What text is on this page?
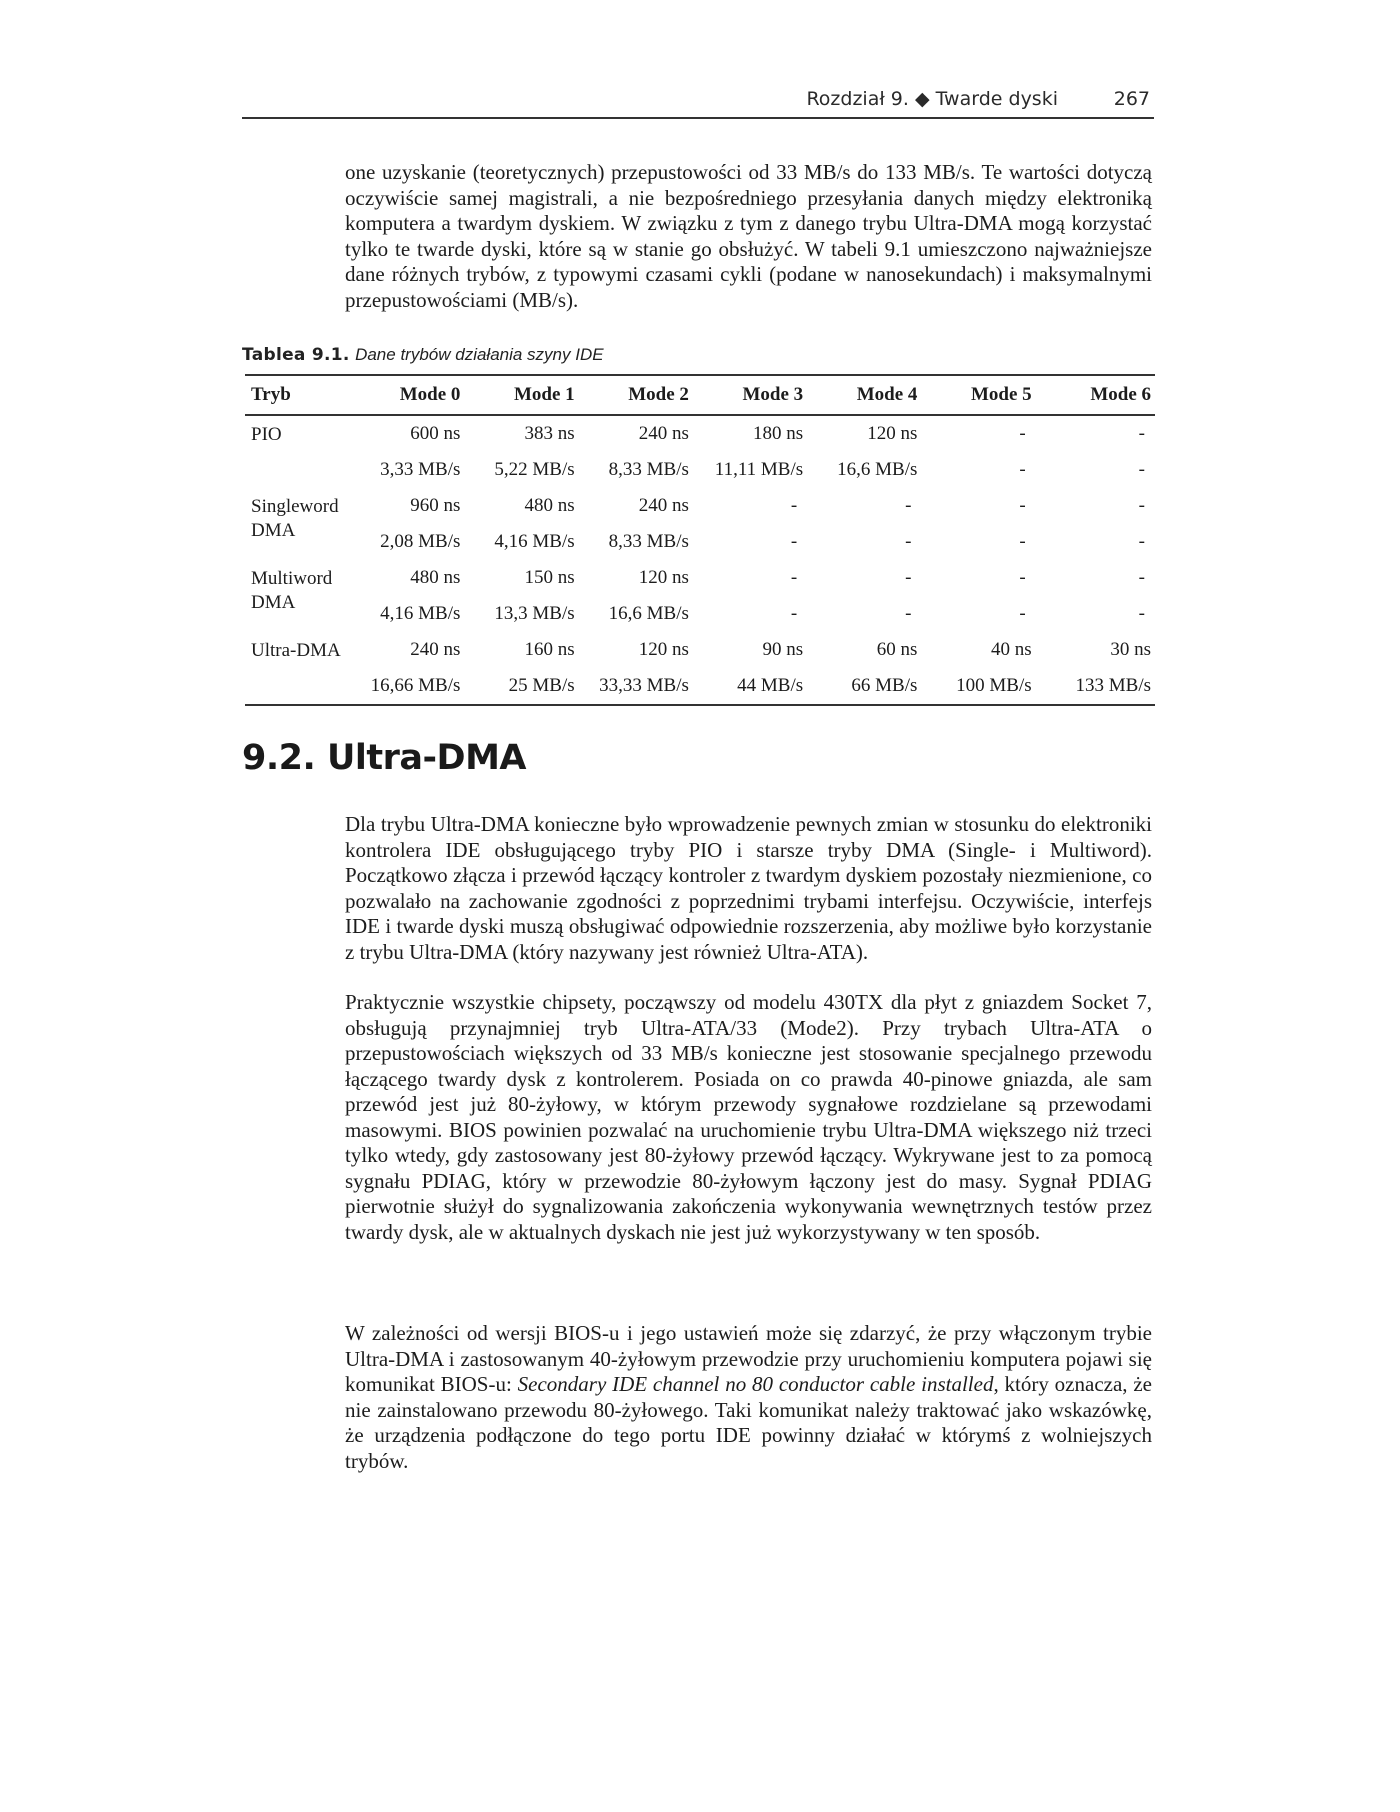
Rozdział 9. ◆ Twarde dyski	267

one uzyskanie (teoretycznych) przepustowości od 33 MB/s do 133 MB/s. Te wartości dotyczą oczywiście samej magistrali, a nie bezpośredniego przesyłania danych między elektroniką komputera a twardym dyskiem. W związku z tym z danego trybu Ultra-DMA mogą korzystać tylko te twarde dyski, które są w stanie go obsłużyć. W tabeli 9.1 umieszczono najważniejsze dane różnych trybów, z typowymi czasami cykli (podane w nanosekundach) i maksymalnymi przepustowościami (MB/s).

Tablea 9.1. Dane trybów działania szyny IDE
Tryb	Mode 0	Mode 1	Mode 2	Mode 3	Mode 4	Mode 5	Mode 6
PIO	600 ns	383 ns	240 ns	180 ns	120 ns	-	-
	3,33 MB/s	5,22 MB/s	8,33 MB/s	11,11 MB/s	16,6 MB/s	-	-
Singleword DMA	960 ns	480 ns	240 ns	-	-	-	-
	2,08 MB/s	4,16 MB/s	8,33 MB/s	-	-	-	-
Multiword DMA	480 ns	150 ns	120 ns	-	-	-	-
	4,16 MB/s	13,3 MB/s	16,6 MB/s	-	-	-	-
Ultra-DMA	240 ns	160 ns	120 ns	90 ns	60 ns	40 ns	30 ns
	16,66 MB/s	25 MB/s	33,33 MB/s	44 MB/s	66 MB/s	100 MB/s	133 MB/s
9.2. Ultra-DMA

Dla trybu Ultra-DMA konieczne było wprowadzenie pewnych zmian w stosunku do elektroniki kontrolera IDE obsługującego tryby PIO i starsze tryby DMA (Single- i Multiword). Początkowo złącza i przewód łączący kontroler z twardym dyskiem pozostały niezmienione, co pozwalało na zachowanie zgodności z poprzednimi trybami interfejsu. Oczywiście, interfejs IDE i twarde dyski muszą obsługiwać odpowiednie rozszerzenia, aby możliwe było korzystanie z trybu Ultra-DMA (który nazywany jest również Ultra-ATA).

Praktycznie wszystkie chipsety, począwszy od modelu 430TX dla płyt z gniazdem Socket 7, obsługują przynajmniej tryb Ultra-ATA/33 (Mode2). Przy trybach Ultra-ATA o przepustowościach większych od 33 MB/s konieczne jest stosowanie specjalnego przewodu łączącego twardy dysk z kontrolerem. Posiada on co prawda 40-pinowe gniazda, ale sam przewód jest już 80-żyłowy, w którym przewody sygnałowe rozdzielane są przewodami masowymi. BIOS powinien pozwalać na uruchomienie trybu Ultra-DMA większego niż trzeci tylko wtedy, gdy zastosowany jest 80-żyłowy przewód łączący. Wykrywane jest to za pomocą sygnału PDIAG, który w przewodzie 80-żyłowym łączony jest do masy. Sygnał PDIAG pierwotnie służył do sygnalizowania zakończenia wykonywania wewnętrznych testów przez twardy dysk, ale w aktualnych dyskach nie jest już wykorzystywany w ten sposób.

W zależności od wersji BIOS-u i jego ustawień może się zdarzyć, że przy włączonym trybie Ultra-DMA i zastosowanym 40-żyłowym przewodzie przy uruchomieniu komputera pojawi się komunikat BIOS-u: Secondary IDE channel no 80 conductor cable installed, który oznacza, że nie zainstalowano przewodu 80-żyłowego. Taki komunikat należy traktować jako wskazówkę, że urządzenia podłączone do tego portu IDE powinny działać w którymś z wolniejszych trybów.
